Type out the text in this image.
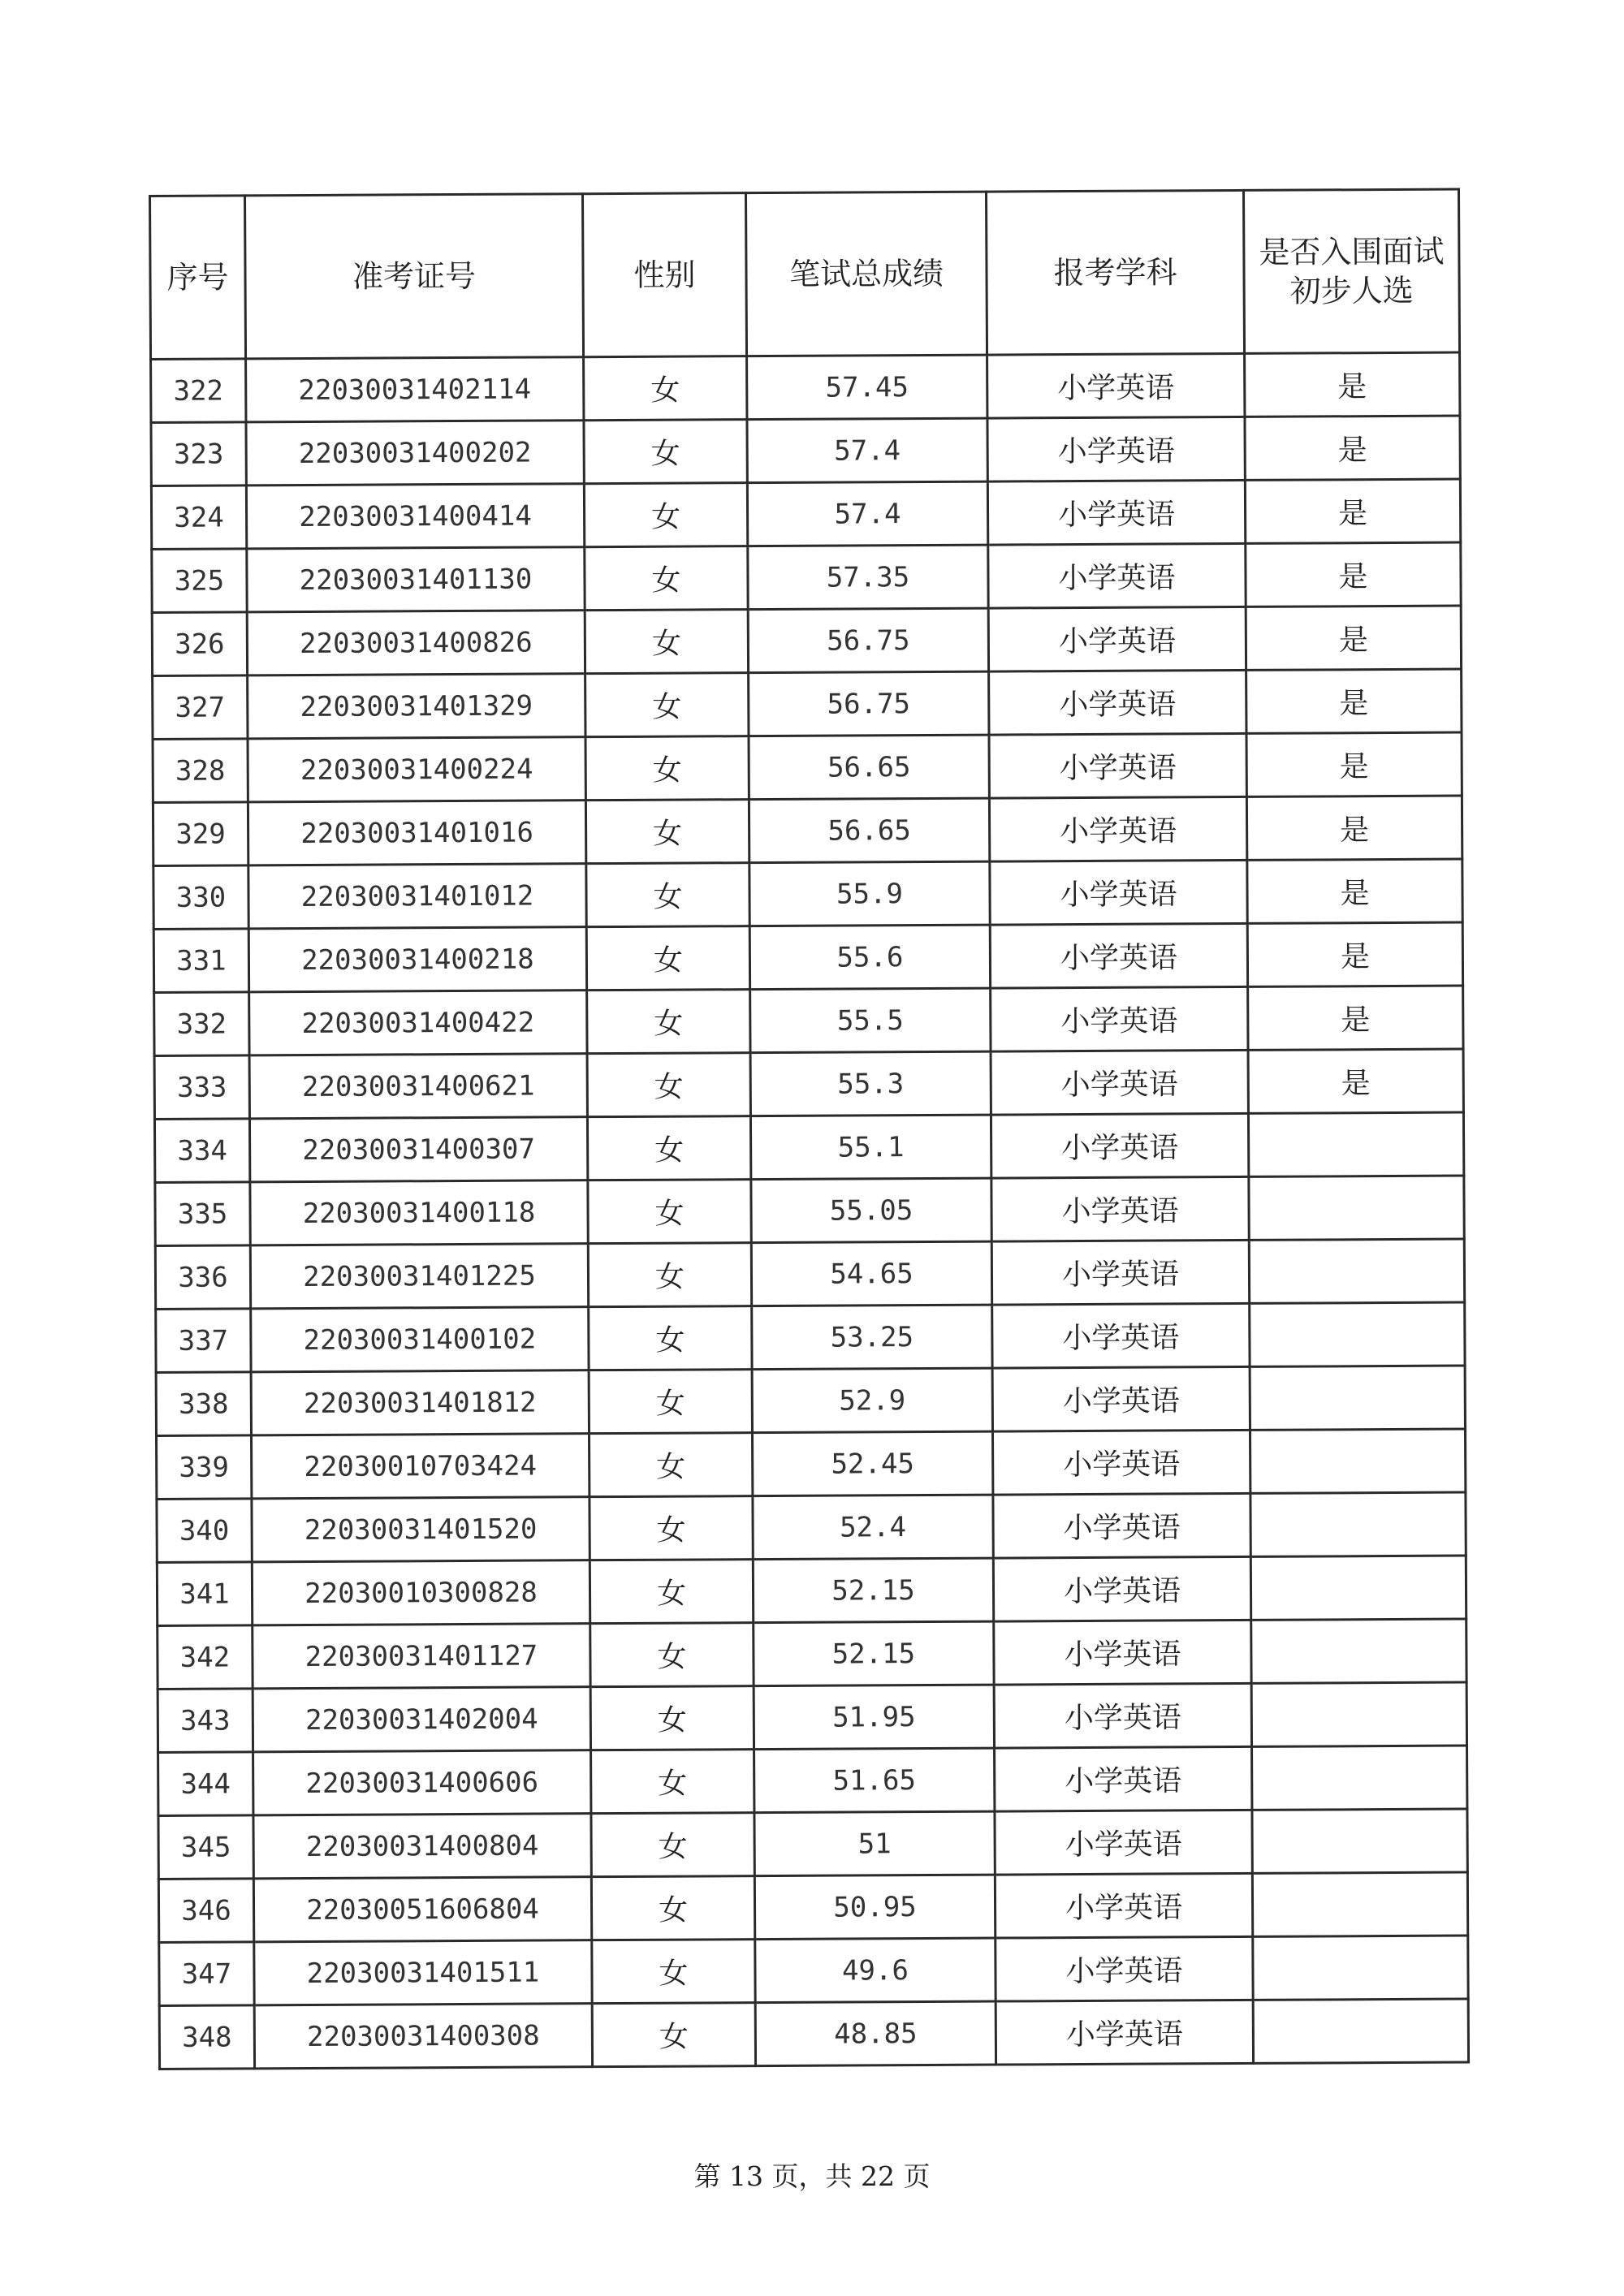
序号	准考证号	性别	笔试总成绩	报考学科	是否入围面试初步人选
322	22030031402114	女	57.45	小学英语	是
323	22030031400202	女	57.4	小学英语	是
324	22030031400414	女	57.4	小学英语	是
325	22030031401130	女	57.35	小学英语	是
326	22030031400826	女	56.75	小学英语	是
327	22030031401329	女	56.75	小学英语	是
328	22030031400224	女	56.65	小学英语	是
329	22030031401016	女	56.65	小学英语	是
330	22030031401012	女	55.9	小学英语	是
331	22030031400218	女	55.6	小学英语	是
332	22030031400422	女	55.5	小学英语	是
333	22030031400621	女	55.3	小学英语	是
334	22030031400307	女	55.1	小学英语	
335	22030031400118	女	55.05	小学英语	
336	22030031401225	女	54.65	小学英语	
337	22030031400102	女	53.25	小学英语	
338	22030031401812	女	52.9	小学英语	
339	22030010703424	女	52.45	小学英语	
340	22030031401520	女	52.4	小学英语	
341	22030010300828	女	52.15	小学英语	
342	22030031401127	女	52.15	小学英语	
343	22030031402004	女	51.95	小学英语	
344	22030031400606	女	51.65	小学英语	
345	22030031400804	女	51	小学英语	
346	22030051606804	女	50.95	小学英语	
347	22030031401511	女	49.6	小学英语	
348	22030031400308	女	48.85	小学英语	
第 13 页，共 22 页
